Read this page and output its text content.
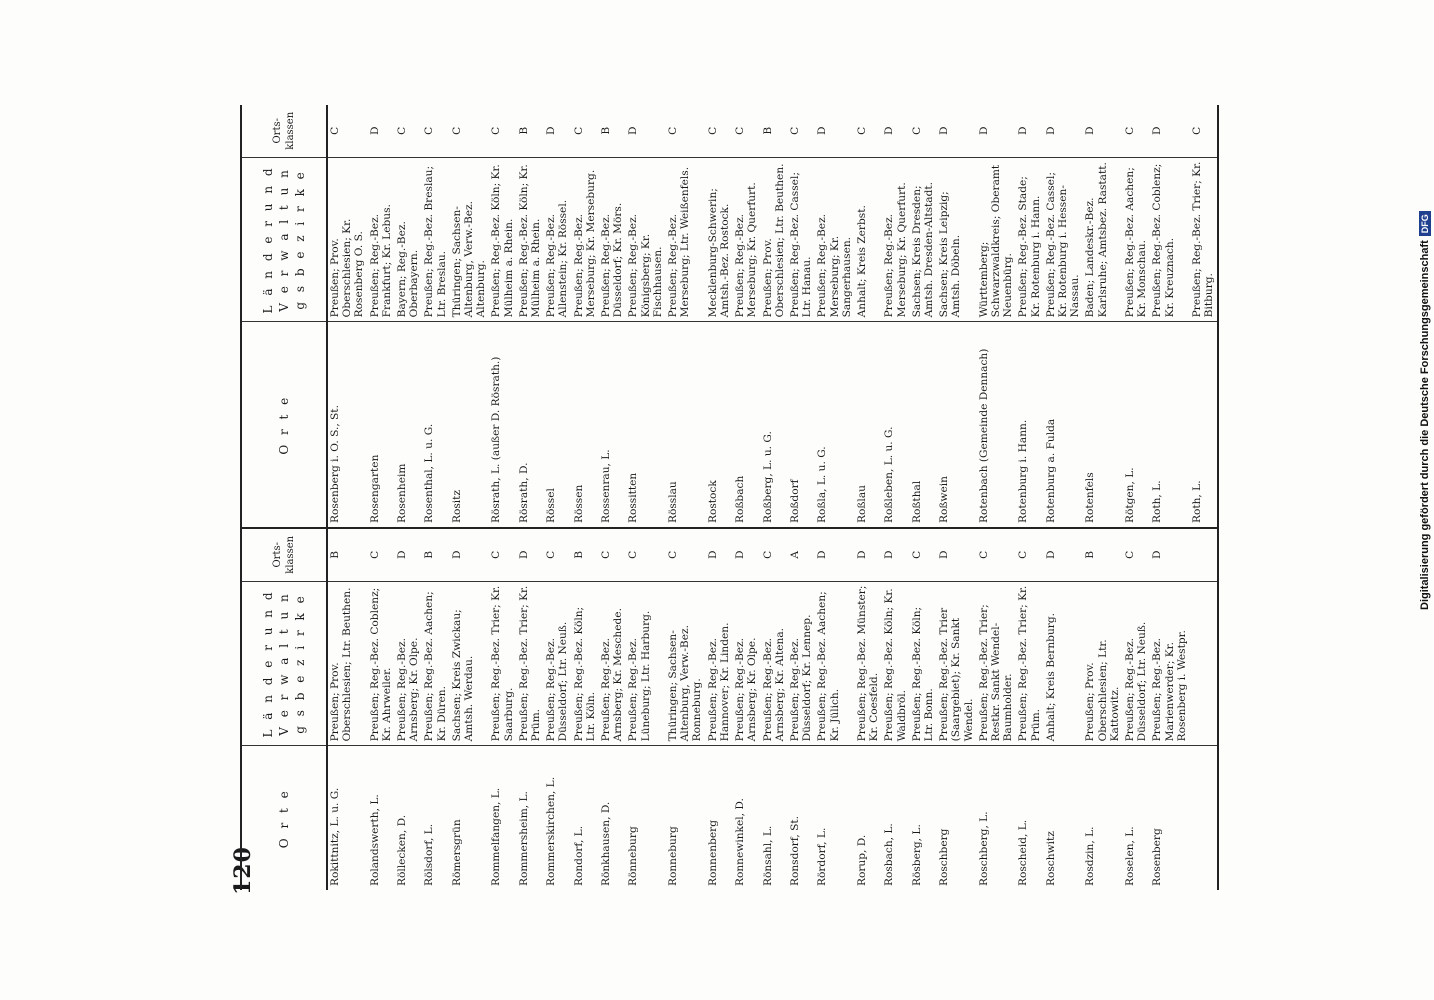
120
O r t e	L ä n d e r u n d
V e r w a l t u n g s b e z i r k e	Orts-
klassen	O r t e	L ä n d e r u n d
V e r w a l t u n g s b e z i r k e	Orts-
klassen
Rokittnitz, L. u. G.	Preußen; Prov. Oberschlesien; Ltr. Beuthen.	B	Rosenberg i. O. S., St.	Preußen; Prov. Oberschlesien; Kr. Rosenberg O. S.	C
Rolandswerth, L.	Preußen; Reg.-Bez. Coblenz; Kr. Ahrweiler.	C	Rosengarten	Preußen; Reg.-Bez. Frankfurt; Kr. Lebus.	D
Röllecken, D.	Preußen; Reg.-Bez. Arnsberg; Kr. Olpe.	D	Rosenheim	Bayern; Reg.-Bez. Oberbayern.	C
Rölsdorf, L.	Preußen; Reg.-Bez. Aachen; Kr. Düren.	B	Rosenthal, L. u. G.	Preußen; Reg.-Bez. Breslau; Ltr. Breslau.	C
Römersgrün	Sachsen; Kreis Zwickau; Amtsh. Werdau.	D	Rositz	Thüringen; Sachsen-Altenburg, Verw.-Bez. Altenburg.	C
Rommelfangen, L.	Preußen; Reg.-Bez. Trier; Kr. Saarburg.	C	Rösrath, L. (außer D. Rösrath.)	Preußen; Reg.-Bez. Köln; Kr. Mülheim a. Rhein.	C
Rommersheim, L.	Preußen; Reg.-Bez. Trier; Kr. Prüm.	D	Rösrath, D.	Preußen; Reg.-Bez. Köln; Kr. Mülheim a. Rhein.	B
Rommerskirchen, L.	Preußen; Reg.-Bez. Düsseldorf; Ltr. Neuß.	C	Rössel	Preußen; Reg.-Bez. Allenstein; Kr. Rössel.	D
Rondorf, L.	Preußen; Reg.-Bez. Köln; Ltr. Köln.	B	Rössen	Preußen; Reg.-Bez. Merseburg; Kr. Merseburg.	C
Rönkhausen, D.	Preußen; Reg.-Bez. Arnsberg; Kr. Meschede.	C	Rossenrau, L.	Preußen; Reg.-Bez. Düsseldorf; Kr. Mörs.	B
Rönneburg	Preußen; Reg.-Bez. Lüneburg; Ltr. Harburg.	C	Rossitten	Preußen; Reg.-Bez. Königsberg; Kr. Fischhausen.	D
Ronneburg	Thüringen; Sachsen-Altenburg, Verw.-Bez. Ronneburg.	C	Rösslau	Preußen; Reg.-Bez. Merseburg; Ltr. Weißenfels.	C
Ronnenberg	Preußen; Reg.-Bez. Hannover; Kr. Linden.	D	Rostock	Mecklenburg-Schwerin; Amtsh.-Bez. Rostock.	C
Ronnewinkel, D.	Preußen; Reg.-Bez. Arnsberg; Kr. Olpe.	D	Roßbach	Preußen; Reg.-Bez. Merseburg; Kr. Querfurt.	C
Rönsahl, L.	Preußen; Reg.-Bez. Arnsberg; Kr. Altena.	C	Roßberg, L. u. G.	Preußen; Prov. Oberschlesien; Ltr. Beuthen.	B
Ronsdorf, St.	Preußen; Reg.-Bez. Düsseldorf; Kr. Lennep.	A	Roßdorf	Preußen; Reg.-Bez. Cassel; Ltr. Hanau.	C
Rördorf, L.	Preußen; Reg.-Bez. Aachen; Kr. Jülich.	D	Roßla, L. u. G.	Preußen; Reg.-Bez. Merseburg; Kr. Sangerhausen.	D
Rorup, D.	Preußen; Reg.-Bez. Münster; Kr. Coesfeld.	D	Roßlau	Anhalt; Kreis Zerbst.	C
Rosbach, L.	Preußen; Reg.-Bez. Köln; Kr. Waldbröl.	D	Roßleben, L. u. G.	Preußen; Reg.-Bez. Merseburg; Kr. Querfurt.	D
Rösberg, L.	Preußen; Reg.-Bez. Köln; Ltr. Bonn.	C	Roßthal	Sachsen; Kreis Dresden; Amtsh. Dresden-Altstadt.	C
Roschberg	Preußen; Reg.-Bez. Trier (Saargebiet); Kr. Sankt Wendel.	D	Roßwein	Sachsen; Kreis Leipzig; Amtsh. Döbeln.	D
Roschberg, L.	Preußen; Reg.-Bez. Trier; Restkr. Sankt Wendel-Baumholder.	C	Rotenbach (Gemeinde Dennach)	Württemberg; Schwarzwaldkreis; Oberamt Neuenbürg.	D
Roscheid, L.	Preußen; Reg.-Bez. Trier; Kr. Prüm.	C	Rotenburg i. Hann.	Preußen; Reg.-Bez. Stade; Kr. Rotenburg i. Hann.	D
Roschwitz	Anhalt; Kreis Bernburg.	D	Rotenburg a. Fulda	Preußen; Reg.-Bez. Cassel; Kr. Rotenburg i. Hessen-Nassau.	D
Rosdzin, L.	Preußen; Prov. Oberschlesien; Ltr. Kattowitz.	B	Rotenfels	Baden; Landeskr.-Bez. Karlsruhe; Amtsbez. Rastatt.	D
Roselen, L.	Preußen; Reg.-Bez. Düsseldorf; Ltr. Neuß.	C	Rötgen, L.	Preußen; Reg.-Bez. Aachen; Kr. Monschau.	C
Rosenberg	Preußen; Reg.-Bez. Marienwerder; Kr. Rosenberg i. Westpr.	D	Roth, L.	Preußen; Reg.-Bez. Coblenz; Kr. Kreuznach.	D
			Roth, L.	Preußen; Reg.-Bez. Trier; Kr. Bitburg.	C
Digitalisierung gefördert durch die Deutsche Forschungsgemeinschaft
DFG
